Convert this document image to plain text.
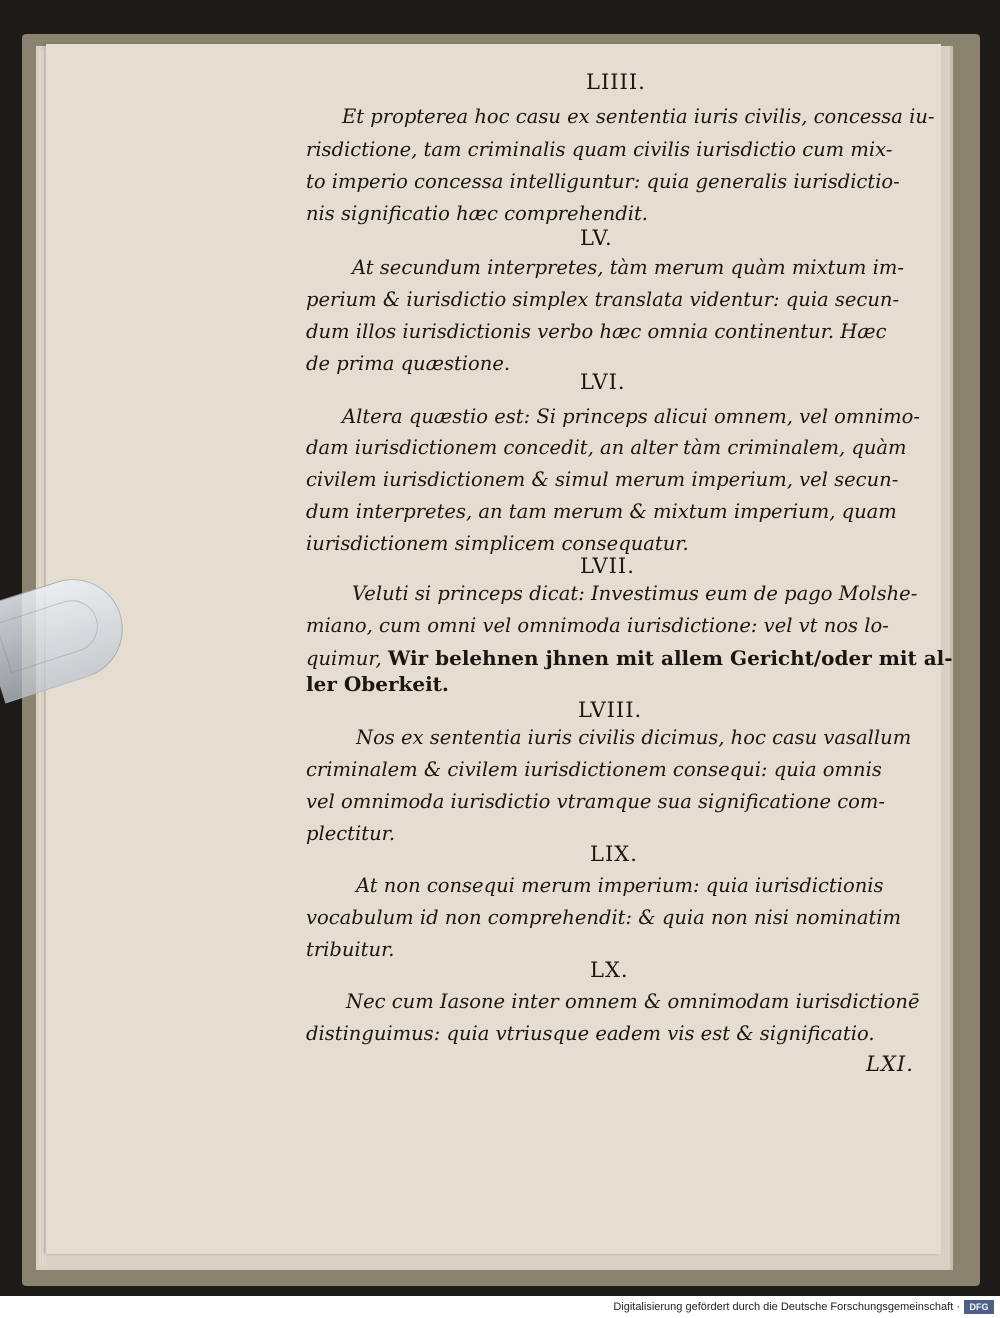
LIIII.
Et propterea hoc casu ex sententia iuris civilis, concessa iu-
risdictione, tam criminalis quam civilis iurisdictio cum mix-
to imperio concessa intelliguntur: quia generalis iurisdictio-
nis significatio hæc comprehendit.
LV.
At secundum interpretes, tàm merum quàm mixtum im-
perium & iurisdictio simplex translata videntur: quia secun-
dum illos iurisdictionis verbo hæc omnia continentur. Hæc
de prima quæstione.
LVI.
Altera quæstio est: Si princeps alicui omnem, vel omnimo-
dam iurisdictionem concedit, an alter tàm criminalem, quàm
civilem iurisdictionem & simul merum imperium, vel secun-
dum interpretes, an tam merum & mixtum imperium, quam
iurisdictionem simplicem consequatur.
LVII.
Veluti si princeps dicat: Investimus eum de pago Molshe-
miano, cum omni vel omnimoda iurisdictione: vel vt nos lo-
quimur, Wir belehnen jhnen mit allem Gericht/oder mit al-
ler Oberkeit.
LVIII.
Nos ex sententia iuris civilis dicimus, hoc casu vasallum
criminalem & civilem iurisdictionem consequi: quia omnis
vel omnimoda iurisdictio vtramque sua significatione com-
plectitur.
LIX.
At non consequi merum imperium: quia iurisdictionis
vocabulum id non comprehendit: & quia non nisi nominatim
tribuitur.
LX.
Nec cum Iasone inter omnem & omnimodam iurisdictionē
distinguimus: quia vtriusque eadem vis est & significatio.
LXI.
Digitalisierung gefördert durch die Deutsche Forschungsgemeinschaft ·	DFG
